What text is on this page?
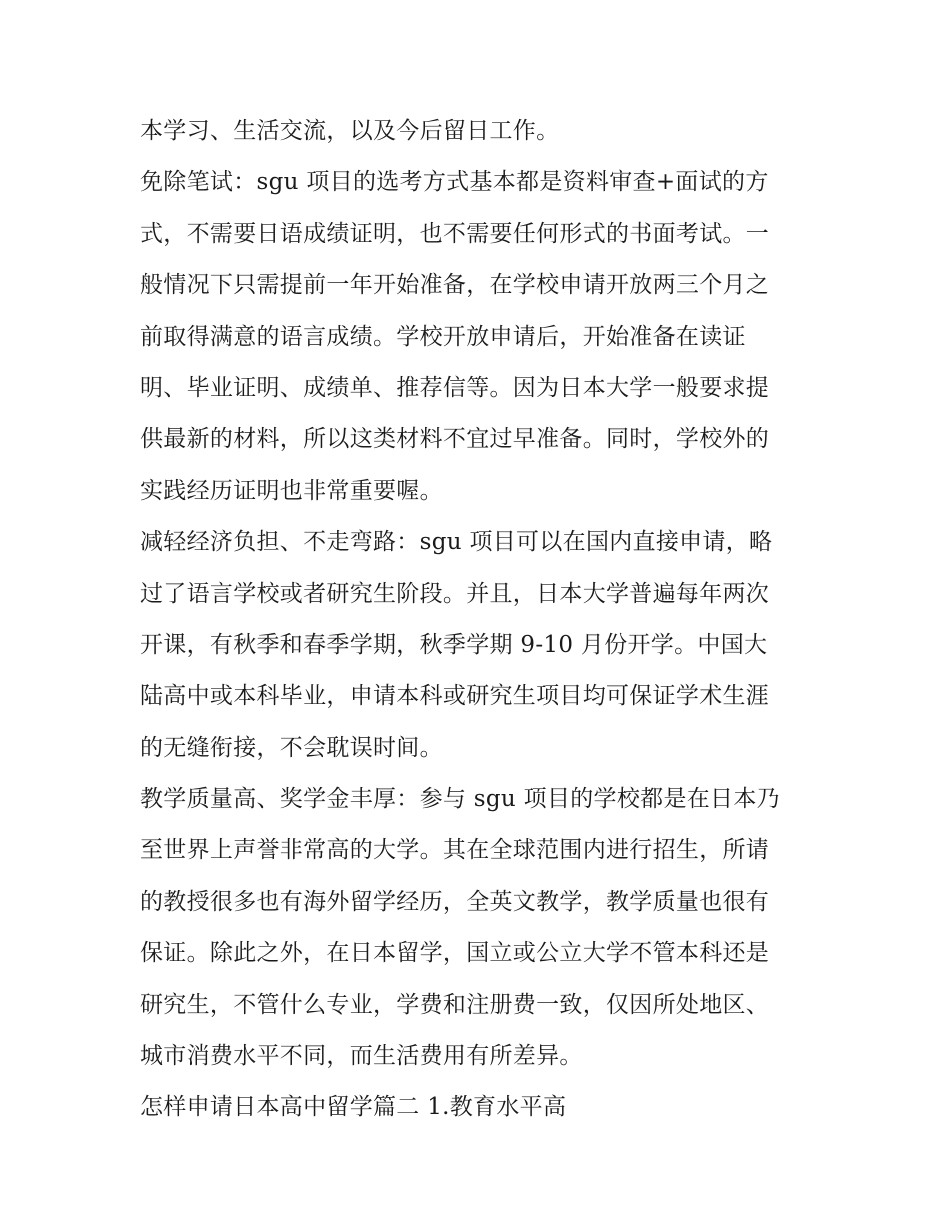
本学习、生活交流，以及今后留日工作。
免除笔试：sgu 项目的选考方式基本都是资料审查+面试的方
式，不需要日语成绩证明，也不需要任何形式的书面考试。一
般情况下只需提前一年开始准备，在学校申请开放两三个月之
前取得满意的语言成绩。学校开放申请后，开始准备在读证
明、毕业证明、成绩单、推荐信等。因为日本大学一般要求提
供最新的材料，所以这类材料不宜过早准备。同时，学校外的
实践经历证明也非常重要喔。
减轻经济负担、不走弯路：sgu 项目可以在国内直接申请，略
过了语言学校或者研究生阶段。并且，日本大学普遍每年两次
开课，有秋季和春季学期，秋季学期 9-10 月份开学。中国大
陆高中或本科毕业，申请本科或研究生项目均可保证学术生涯
的无缝衔接，不会耽误时间。
教学质量高、奖学金丰厚：参与 sgu 项目的学校都是在日本乃
至世界上声誉非常高的大学。其在全球范围内进行招生，所请
的教授很多也有海外留学经历，全英文教学，教学质量也很有
保证。除此之外，在日本留学，国立或公立大学不管本科还是
研究生，不管什么专业，学费和注册费一致，仅因所处地区、
城市消费水平不同，而生活费用有所差异。
怎样申请日本高中留学篇二 1.教育水平高
